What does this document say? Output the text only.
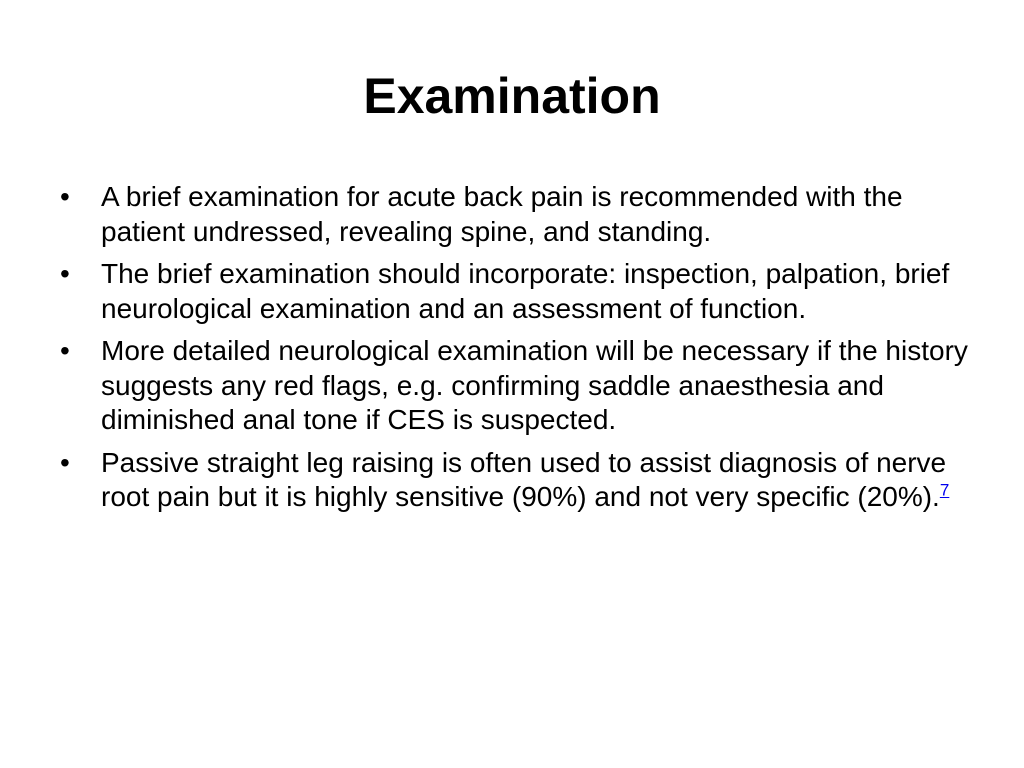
Examination
•	A brief examination for acute back pain is recommended with the patient undressed, revealing spine, and standing.
•	The brief examination should incorporate: inspection, palpation, brief neurological examination and an assessment of function.
•	More detailed neurological examination will be necessary if the history suggests any red flags, e.g. confirming saddle anaesthesia and diminished anal tone if CES is suspected.
•	Passive straight leg raising is often used to assist diagnosis of nerve root pain but it is highly sensitive (90%) and not very specific (20%).$^7$
